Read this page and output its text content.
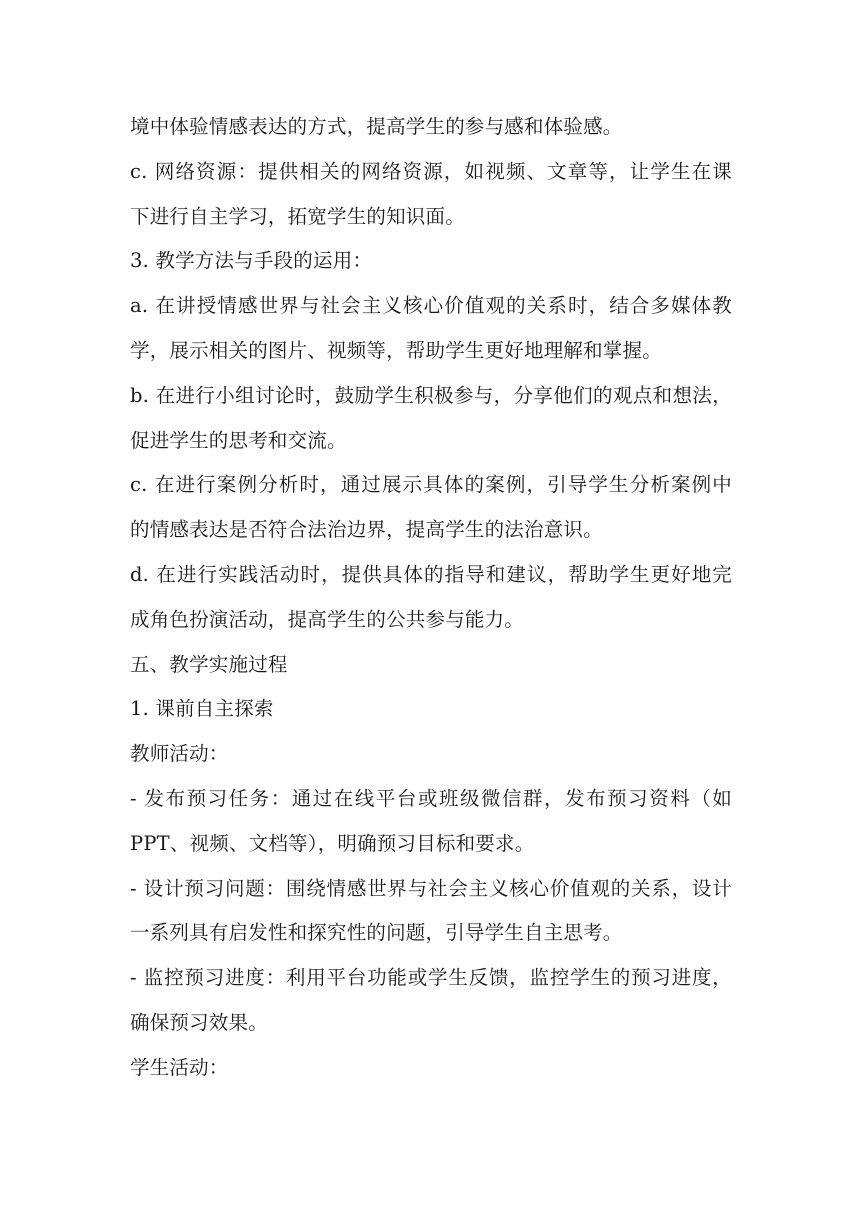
境中体验情感表达的方式，提高学生的参与感和体验感。
c. 网络资源：提供相关的网络资源，如视频、文章等，让学生在课
下进行自主学习，拓宽学生的知识面。
3. 教学方法与手段的运用：
a. 在讲授情感世界与社会主义核心价值观的关系时，结合多媒体教
学，展示相关的图片、视频等，帮助学生更好地理解和掌握。
b. 在进行小组讨论时，鼓励学生积极参与，分享他们的观点和想法，
促进学生的思考和交流。
c. 在进行案例分析时，通过展示具体的案例，引导学生分析案例中
的情感表达是否符合法治边界，提高学生的法治意识。
d. 在进行实践活动时，提供具体的指导和建议，帮助学生更好地完
成角色扮演活动，提高学生的公共参与能力。
五、教学实施过程
1. 课前自主探索
教师活动：
- 发布预习任务：通过在线平台或班级微信群，发布预习资料（如
PPT、视频、文档等），明确预习目标和要求。
- 设计预习问题：围绕情感世界与社会主义核心价值观的关系，设计
一系列具有启发性和探究性的问题，引导学生自主思考。
- 监控预习进度：利用平台功能或学生反馈，监控学生的预习进度，
确保预习效果。
学生活动：
